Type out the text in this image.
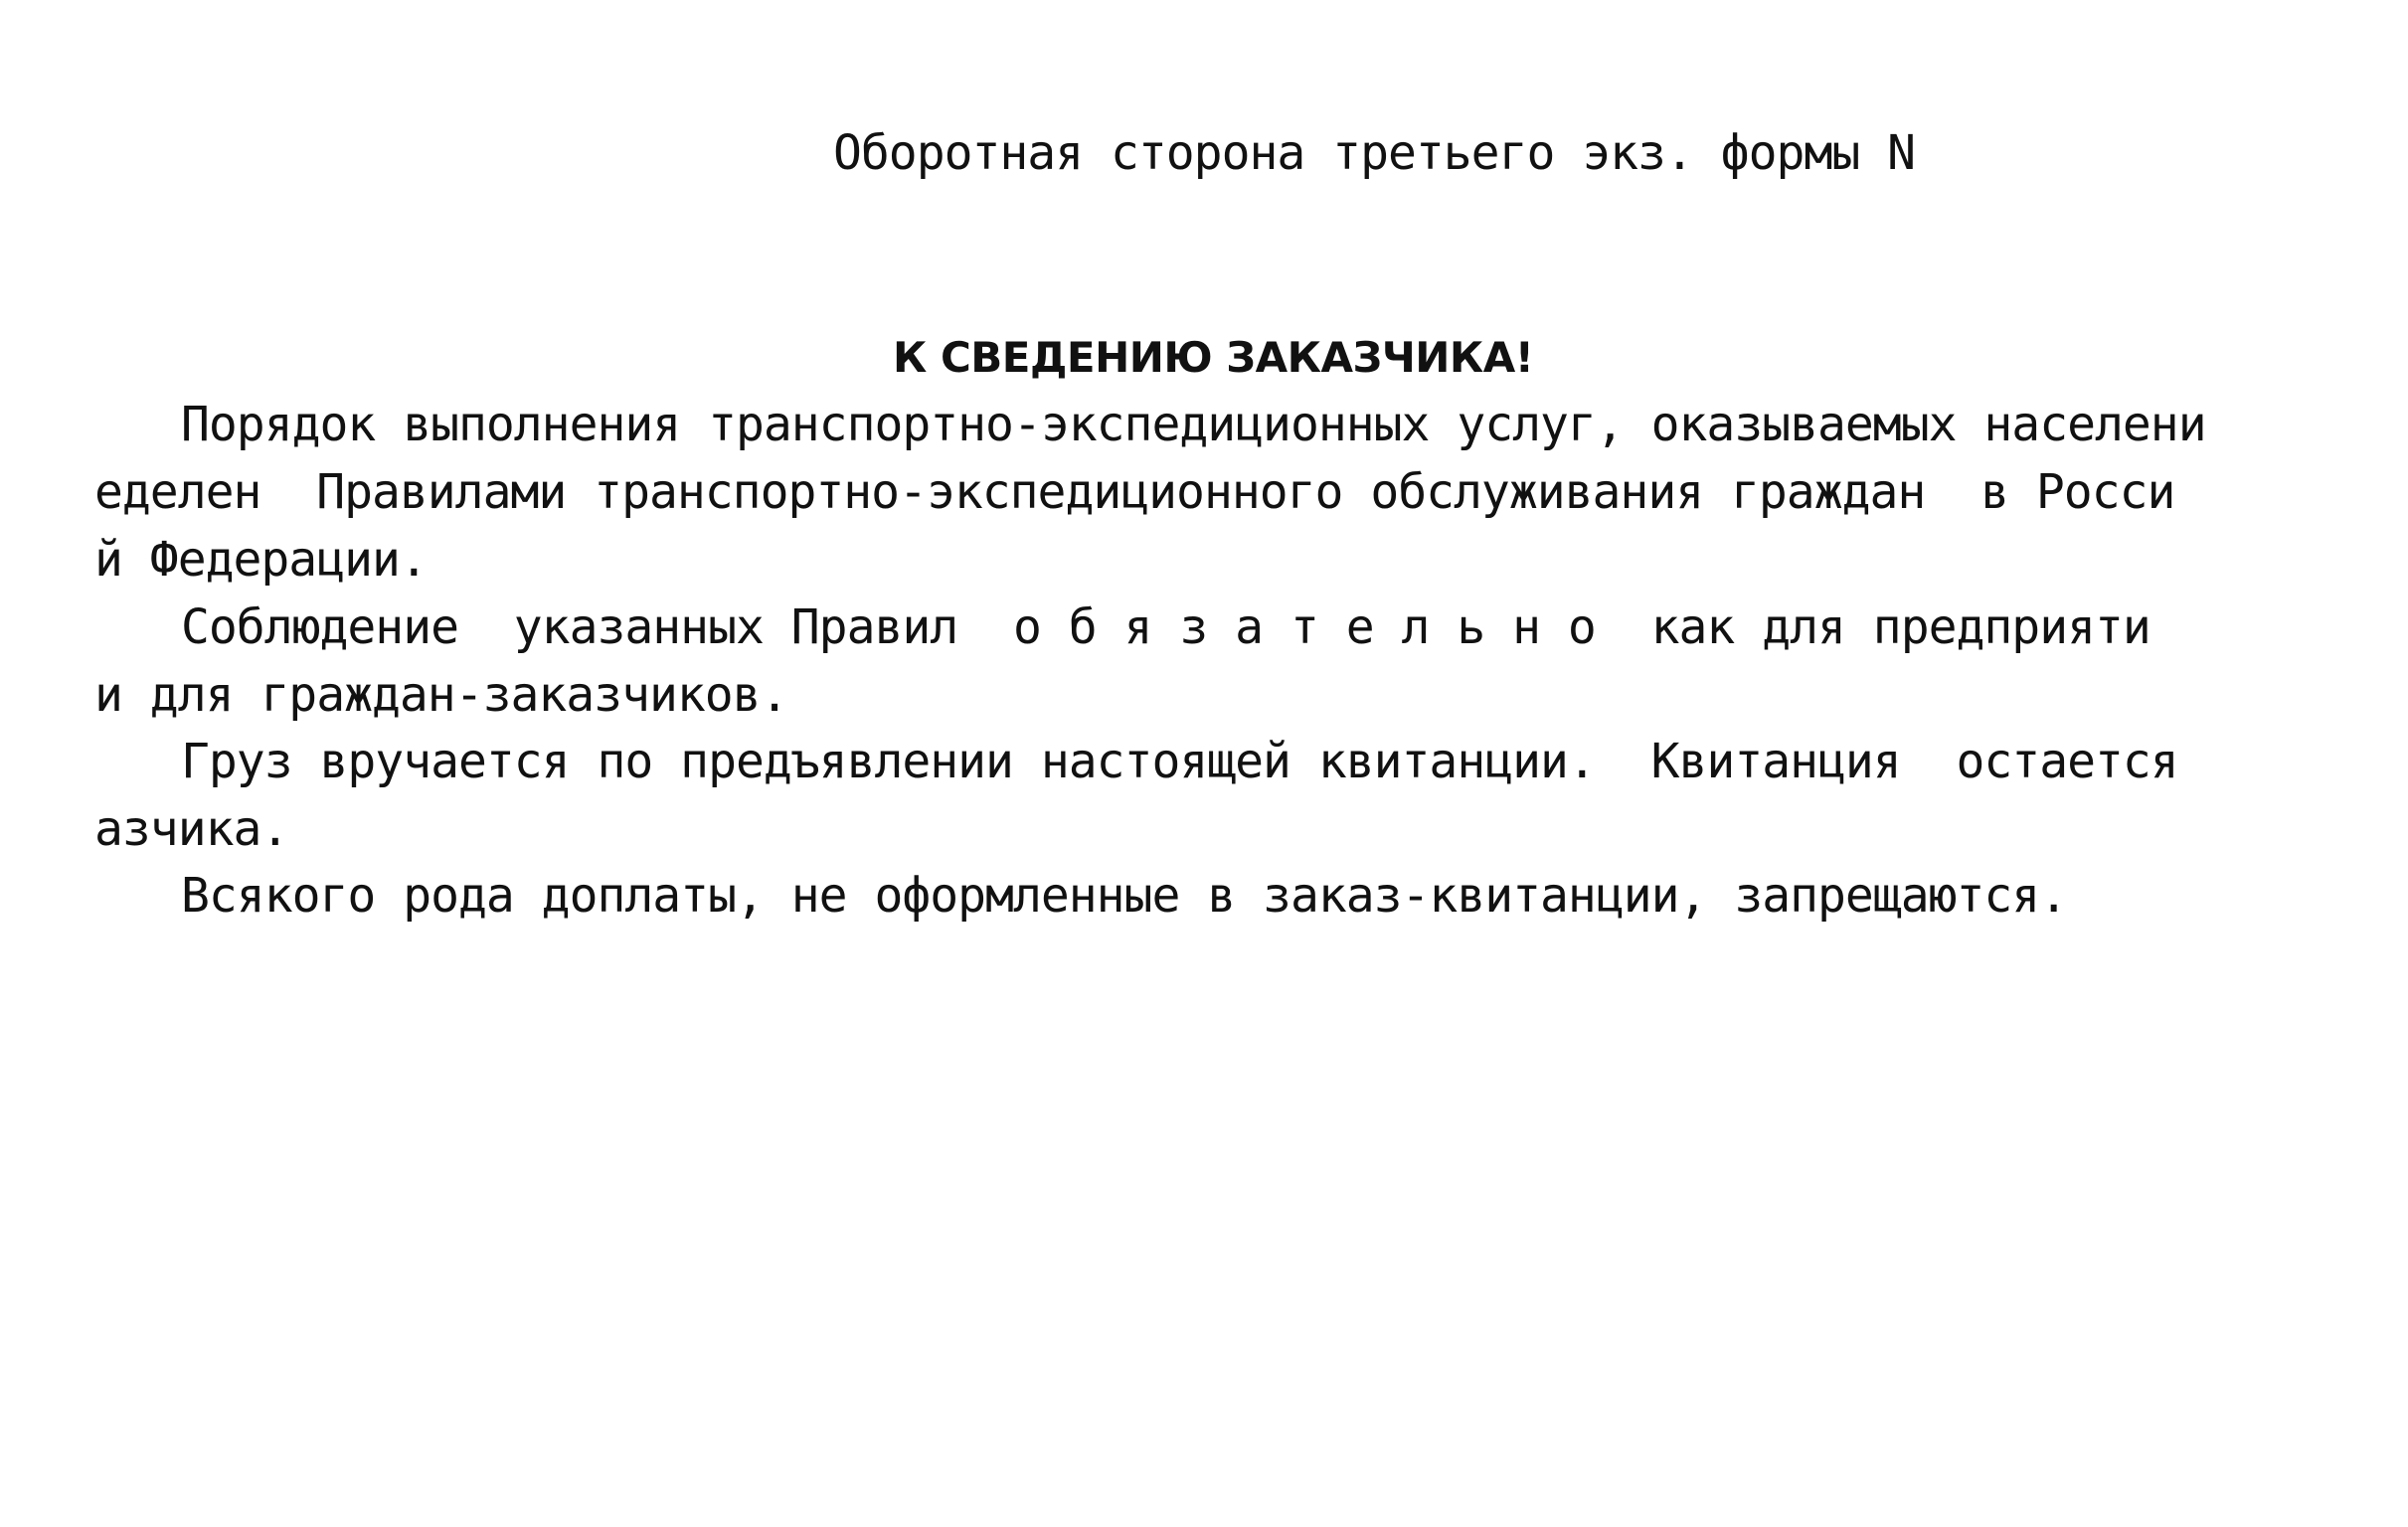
Оборотная сторона третьего экз. формы N
К СВЕДЕНИЮ ЗАКАЗЧИКА!
Порядок выполнения транспортно-экспедиционных услуг, оказываемых населени
еделен  Правилами транспортно-экспедиционного обслуживания граждан  в Росси
й Федерации.
Соблюдение  указанных Правил  о б я з а т е л ь н о  как для предприяти
и для граждан-заказчиков.
Груз вручается по предъявлении настоящей квитанции.  Квитанция  остается
азчика.
Всякого рода доплаты, не оформленные в заказ-квитанции, запрещаются.
